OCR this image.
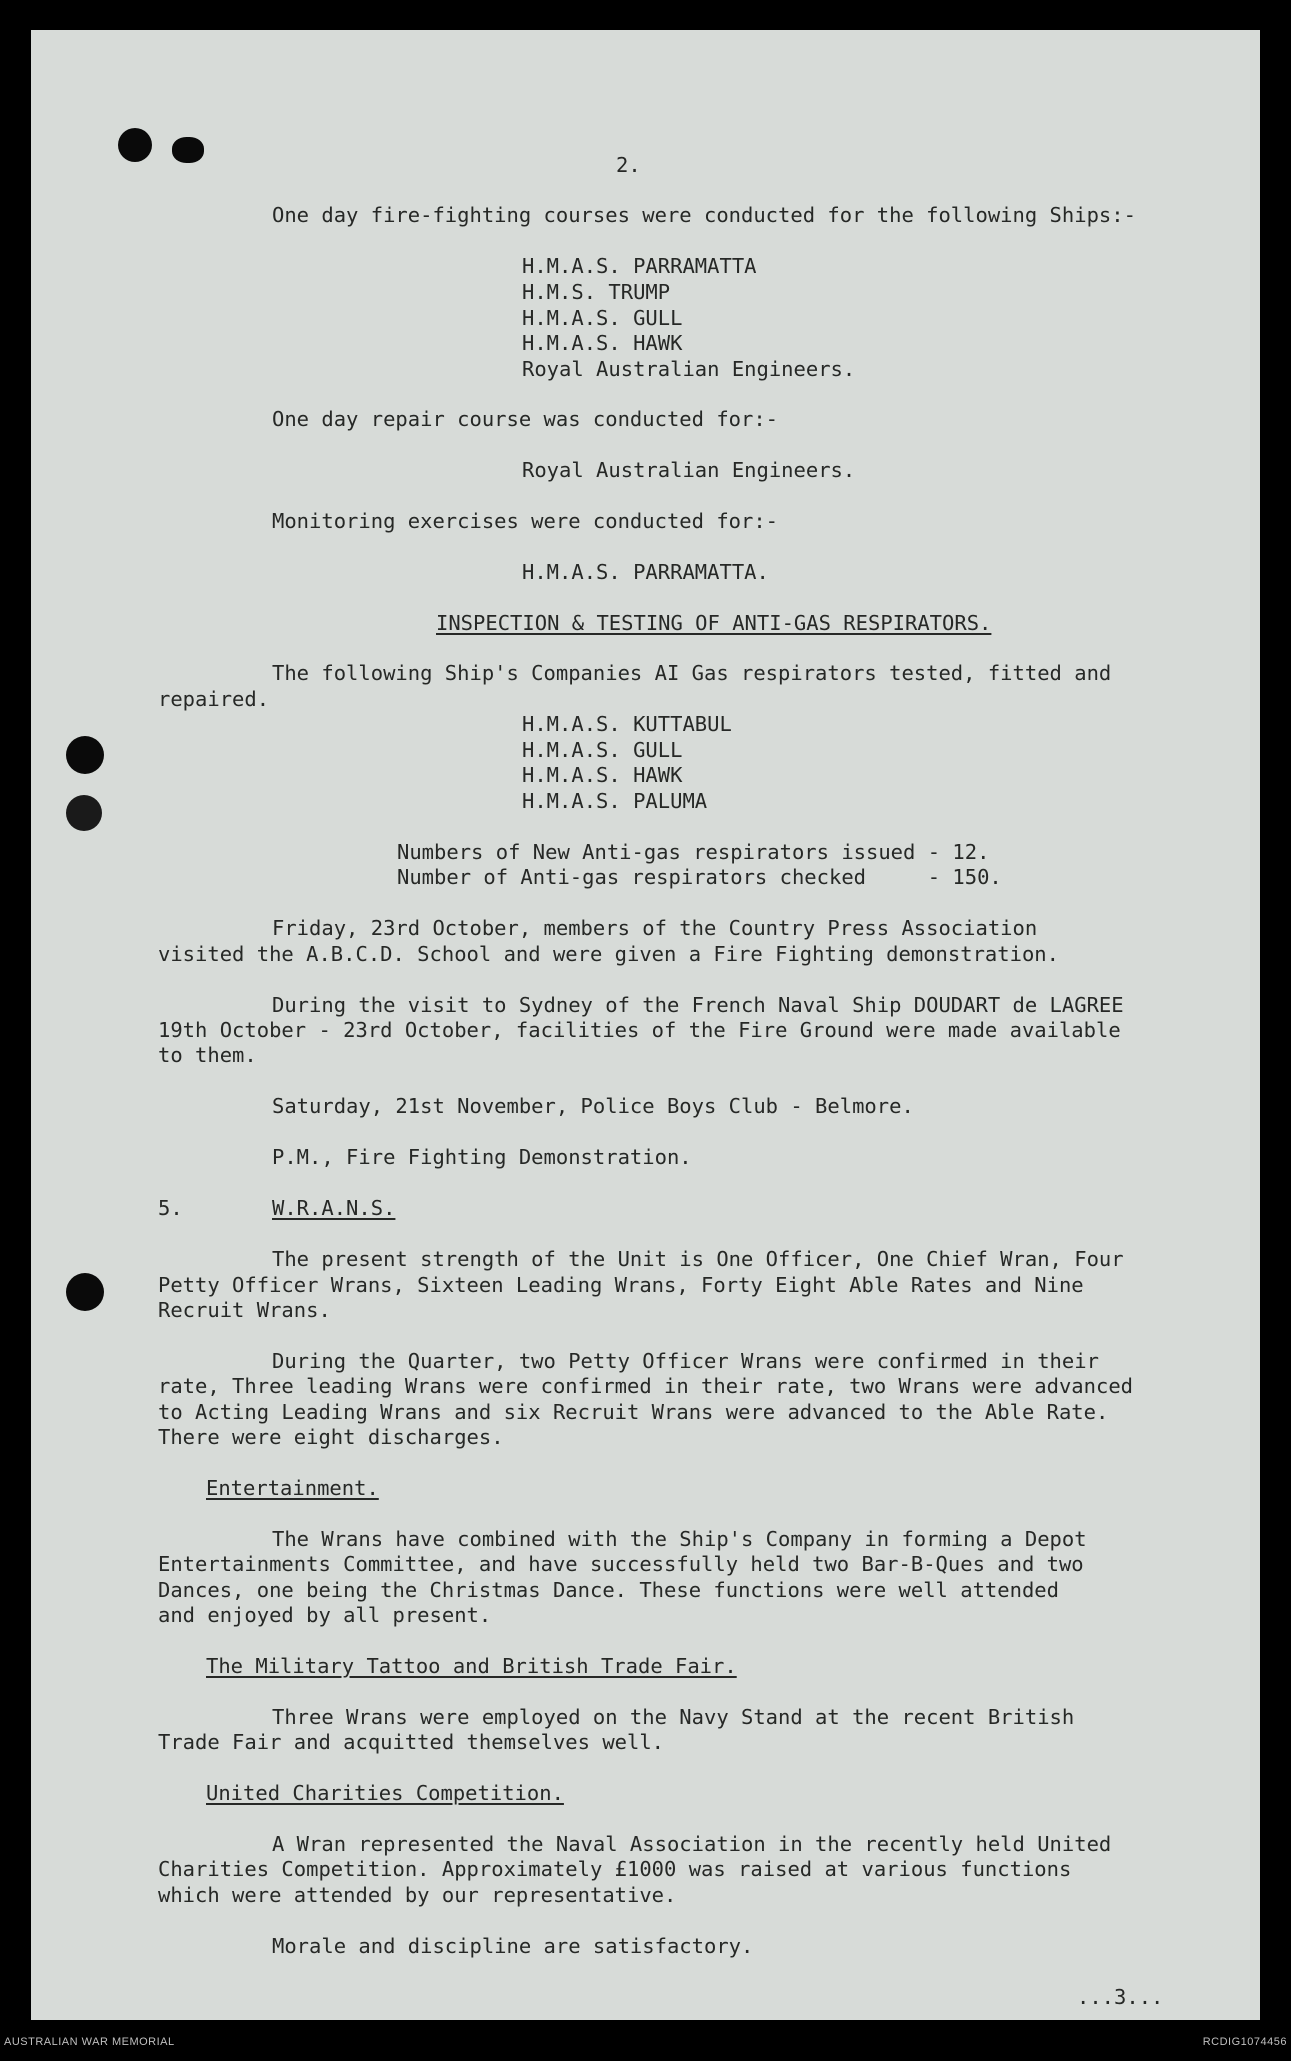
2.

One day fire-fighting courses were conducted for the following Ships:-

H.M.A.S. PARRAMATTA

H.M.S. TRUMP

H.M.A.S. GULL

H.M.A.S. HAWK

Royal Australian Engineers.

One day repair course was conducted for:-

Royal Australian Engineers.

Monitoring exercises were conducted for:-

H.M.A.S. PARRAMATTA.

INSPECTION & TESTING OF ANTI-GAS RESPIRATORS.

The following Ship's Companies AI Gas respirators tested, fitted and

repaired.

H.M.A.S. KUTTABUL

H.M.A.S. GULL

H.M.A.S. HAWK

H.M.A.S. PALUMA

Numbers of New Anti-gas respirators issued - 12.

Number of Anti-gas respirators checked     - 150.

Friday, 23rd October, members of the Country Press Association

visited the A.B.C.D. School and were given a Fire Fighting demonstration.

During the visit to Sydney of the French Naval Ship DOUDART de LAGREE

19th October - 23rd October, facilities of the Fire Ground were made available

to them.

Saturday, 21st November, Police Boys Club - Belmore.

P.M., Fire Fighting Demonstration.

5.	W.R.A.N.S.

The present strength of the Unit is One Officer, One Chief Wran, Four

Petty Officer Wrans, Sixteen Leading Wrans, Forty Eight Able Rates and Nine

Recruit Wrans.

During the Quarter, two Petty Officer Wrans were confirmed in their

rate, Three leading Wrans were confirmed in their rate, two Wrans were advanced

to Acting Leading Wrans and six Recruit Wrans were advanced to the Able Rate.

There were eight discharges.

Entertainment.

The Wrans have combined with the Ship's Company in forming a Depot

Entertainments Committee, and have successfully held two Bar-B-Ques and two

Dances, one being the Christmas Dance. These functions were well attended

and enjoyed by all present.

The Military Tattoo and British Trade Fair.

Three Wrans were employed on the Navy Stand at the recent British

Trade Fair and acquitted themselves well.

United Charities Competition.

A Wran represented the Naval Association in the recently held United

Charities Competition. Approximately £1000 was raised at various functions

which were attended by our representative.

Morale and discipline are satisfactory.

...3...

AUSTRALIAN WAR MEMORIAL	RCDIG1074456
